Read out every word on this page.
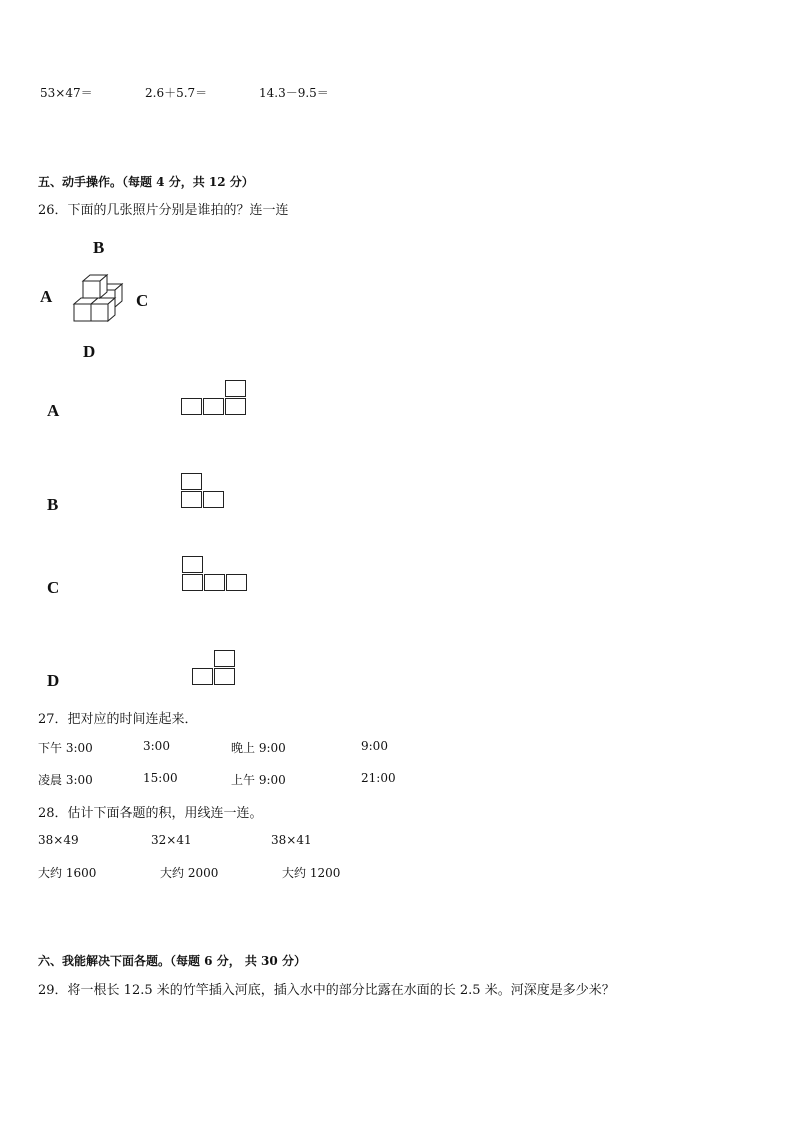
53×47＝	2.6＋5.7＝	14.3－9.5＝
五、动手操作。（每题 4 分，共 12 分）
26．下面的几张照片分别是谁拍的？连一连
B
A	C
D
A
B
C
D
27．把对应的时间连起来．
下午 3:00	3:00	晚上 9:00	9:00
凌晨 3:00	15:00	上午 9:00	21:00
28．估计下面各题的积，用线连一连。
38×49	32×41	38×41
大约 1600	大约 2000	大约 1200
六、我能解决下面各题。（每题 6 分， 共 30 分）
29．将一根长 12.5 米的竹竿插入河底，插入水中的部分比露在水面的长 2.5 米。河深度是多少米？
